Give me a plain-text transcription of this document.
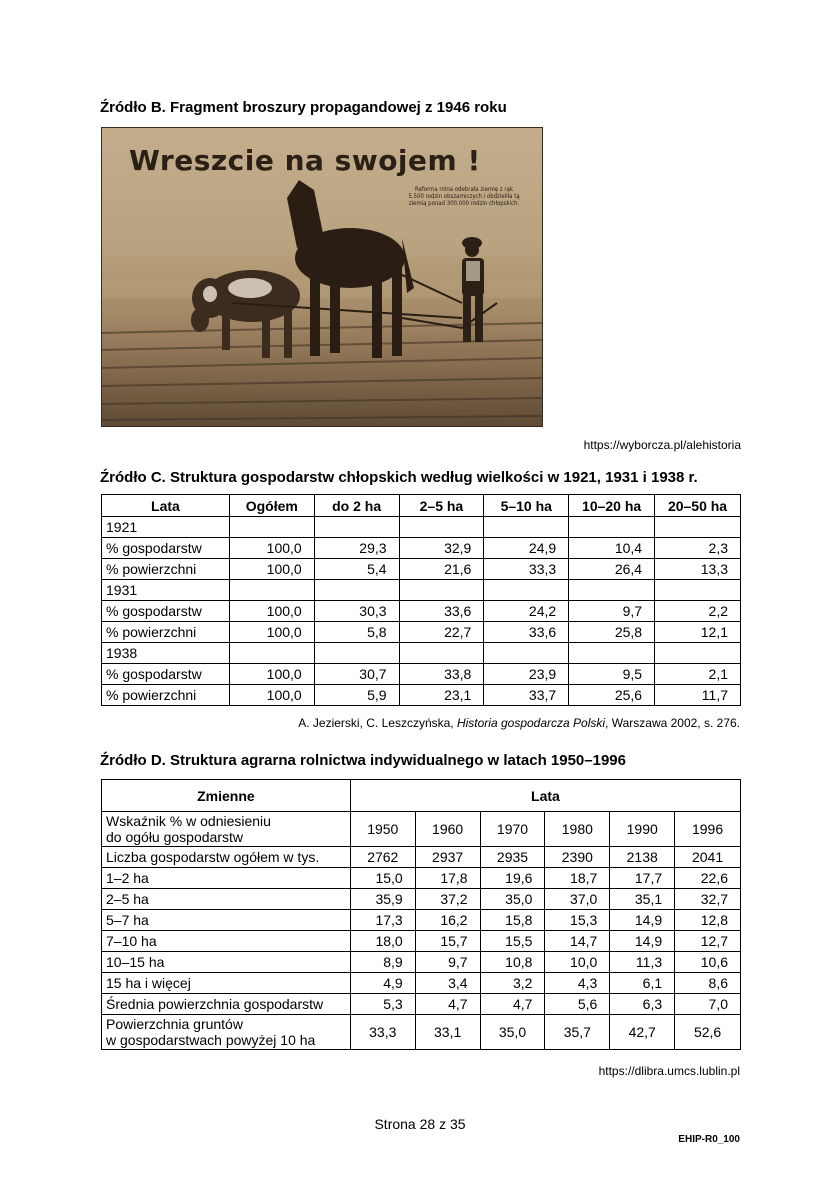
Źródło B. Fragment broszury propagandowej z 1946 roku
Wreszcie na swojem !
Reforma rolna odebrała ziemię z rąk 5.500 rodzin obszarniczych i obdzieliła tą ziemią ponad 300.000 rodzin chłopskich.
https://wyborcza.pl/alehistoria
Źródło C. Struktura gospodarstw chłopskich według wielkości w 1921, 1931 i 1938 r.
Lata	Ogółem	do 2 ha	2–5 ha	5–10 ha	10–20 ha	20–50 ha
1921						
% gospodarstw	100,0	29,3	32,9	24,9	10,4	2,3
% powierzchni	100,0	5,4	21,6	33,3	26,4	13,3
1931						
% gospodarstw	100,0	30,3	33,6	24,2	9,7	2,2
% powierzchni	100,0	5,8	22,7	33,6	25,8	12,1
1938						
% gospodarstw	100,0	30,7	33,8	23,9	9,5	2,1
% powierzchni	100,0	5,9	23,1	33,7	25,6	11,7
A. Jezierski, C. Leszczyńska, Historia gospodarcza Polski, Warszawa 2002, s. 276.
Źródło D. Struktura agrarna rolnictwa indywidualnego w latach 1950–1996
Zmienne	Lata					
Wskaźnik % w odniesieniu
do ogółu gospodarstw	1950	1960	1970	1980	1990	1996
Liczba gospodarstw ogółem w tys.	2762	2937	2935	2390	2138	2041
1–2 ha	15,0	17,8	19,6	18,7	17,7	22,6
2–5 ha	35,9	37,2	35,0	37,0	35,1	32,7
5–7 ha	17,3	16,2	15,8	15,3	14,9	12,8
7–10 ha	18,0	15,7	15,5	14,7	14,9	12,7
10–15 ha	8,9	9,7	10,8	10,0	11,3	10,6
15 ha i więcej	4,9	3,4	3,2	4,3	6,1	8,6
Średnia powierzchnia gospodarstw	5,3	4,7	4,7	5,6	6,3	7,0
Powierzchnia gruntów
w gospodarstwach powyżej 10 ha	33,3	33,1	35,0	35,7	42,7	52,6
https://dlibra.umcs.lublin.pl
Strona 28 z 35
EHIP-R0_100
